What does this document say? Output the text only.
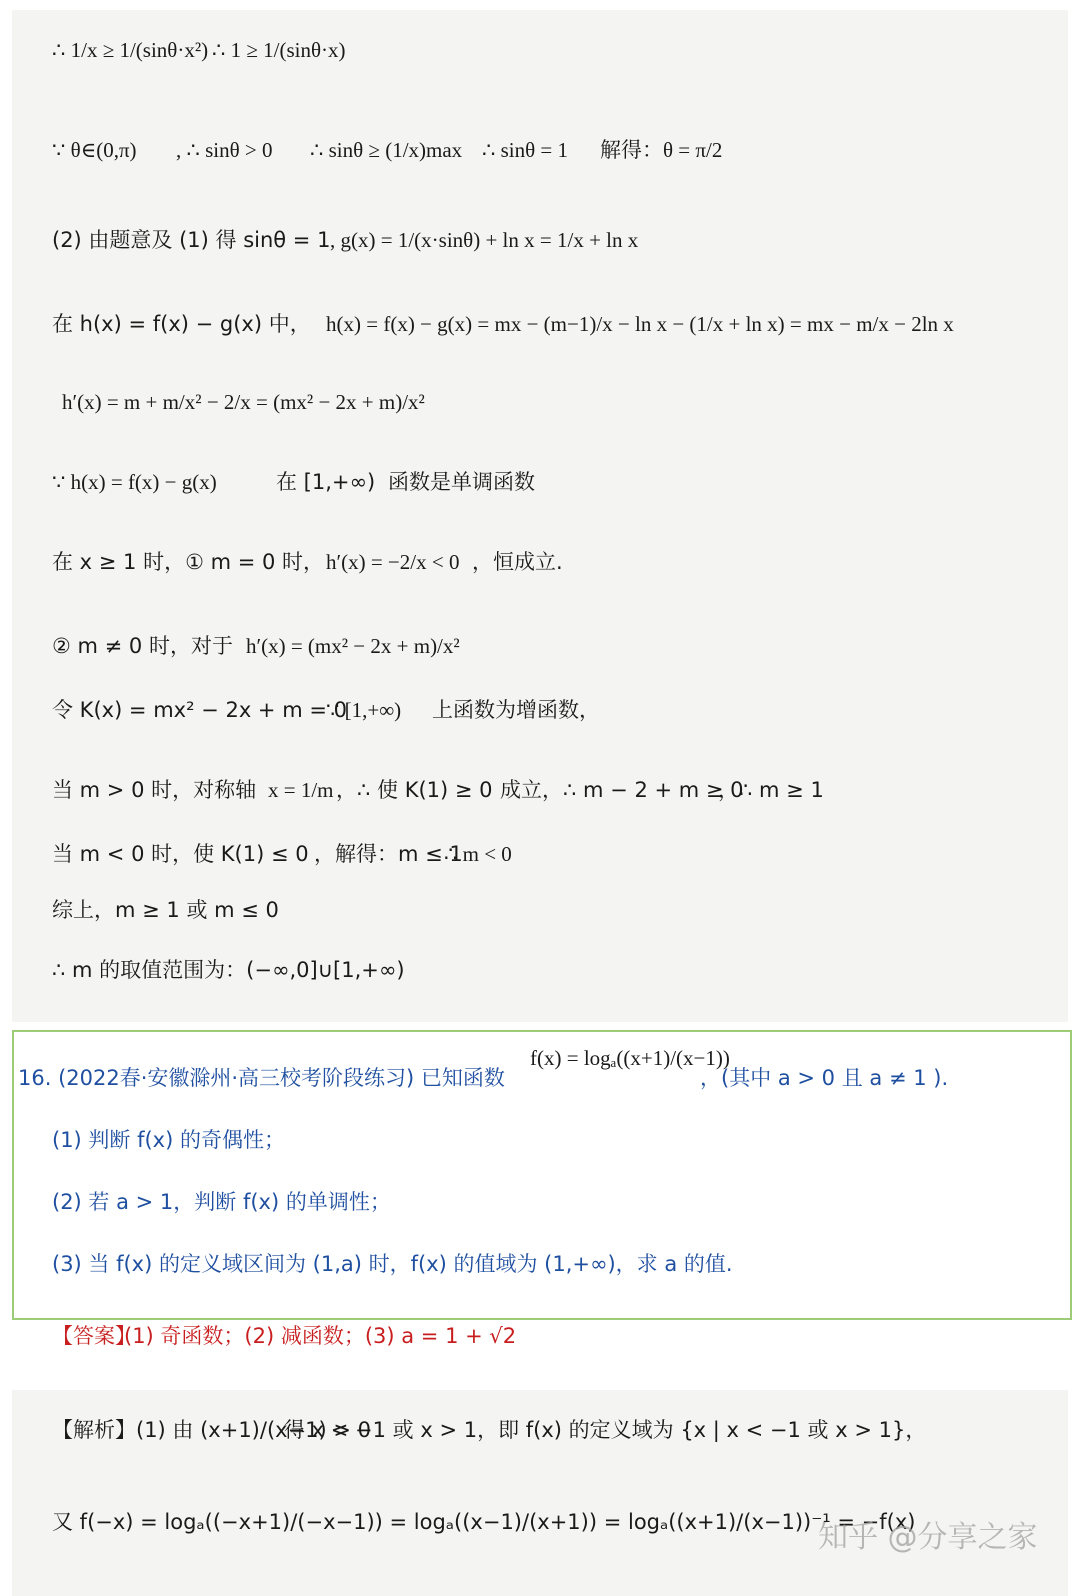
∴ 1/x ≥ 1/(sinθ·x²) ∴ 1 ≥ 1/(sinθ·x)
∵ θ∈(0,π) , ∴ sinθ > 0 ∴ sinθ ≥ (1/x)max ∴ sinθ = 1 解得：θ = π/2
(2) 由题意及 (1) 得 sinθ = 1 , g(x) = 1/(x·sinθ) + ln x = 1/x + ln x
在 h(x) = f(x) − g(x) 中， h(x) = f(x) − g(x) = mx − (m−1)/x − ln x − (1/x + ln x) = mx − m/x − 2ln x
h′(x) = m + m/x² − 2/x = (mx² − 2x + m)/x²
∵ h(x) = f(x) − g(x)	在 [1,+∞) 函数是单调函数
在 x ≥ 1 时，① m = 0 时， h′(x) = −2/x < 0 ，恒成立.
② m ≠ 0 时，对于 h′(x) = (mx² − 2x + m)/x²
令 K(x) = mx² − 2x + m = 0
∵ [1,+∞) 上函数为增函数，
当 m > 0 时，对称轴 x = 1/m ，∴ 使 K(1) ≥ 0 成立，∴ m − 2 + m ≥ 0
，∴ m ≥ 1
当 m < 0 时，使 K(1) ≤ 0 ，解得：m ≤ 1
∴ m < 0
综上，m ≥ 1 或 m ≤ 0
∴ m 的取值范围为：(−∞,0]∪[1,+∞)
16. (2022春·安徽滁州·高三校考阶段练习) 已知函数
f(x) = logₐ((x+1)/(x−1))
，(其中 a > 0 且 a ≠ 1 ).
(1) 判断 f(x) 的奇偶性；
(2) 若 a > 1，判断 f(x) 的单调性；
(3) 当 f(x) 的定义域区间为 (1,a) 时，f(x) 的值域为 (1,+∞)，求 a 的值.
【答案】
(1) 奇函数；(2) 减函数；(3) a = 1 + √2
【解析】(1) 由 (x+1)/(x−1) > 0
得 x < −1 或 x > 1，即 f(x) 的定义域为 {x | x < −1 或 x > 1}，
又 f(−x) = logₐ((−x+1)/(−x−1)) = logₐ((x−1)/(x+1)) = logₐ((x+1)/(x−1))⁻¹ = −f(x)
知乎 @分享之家
